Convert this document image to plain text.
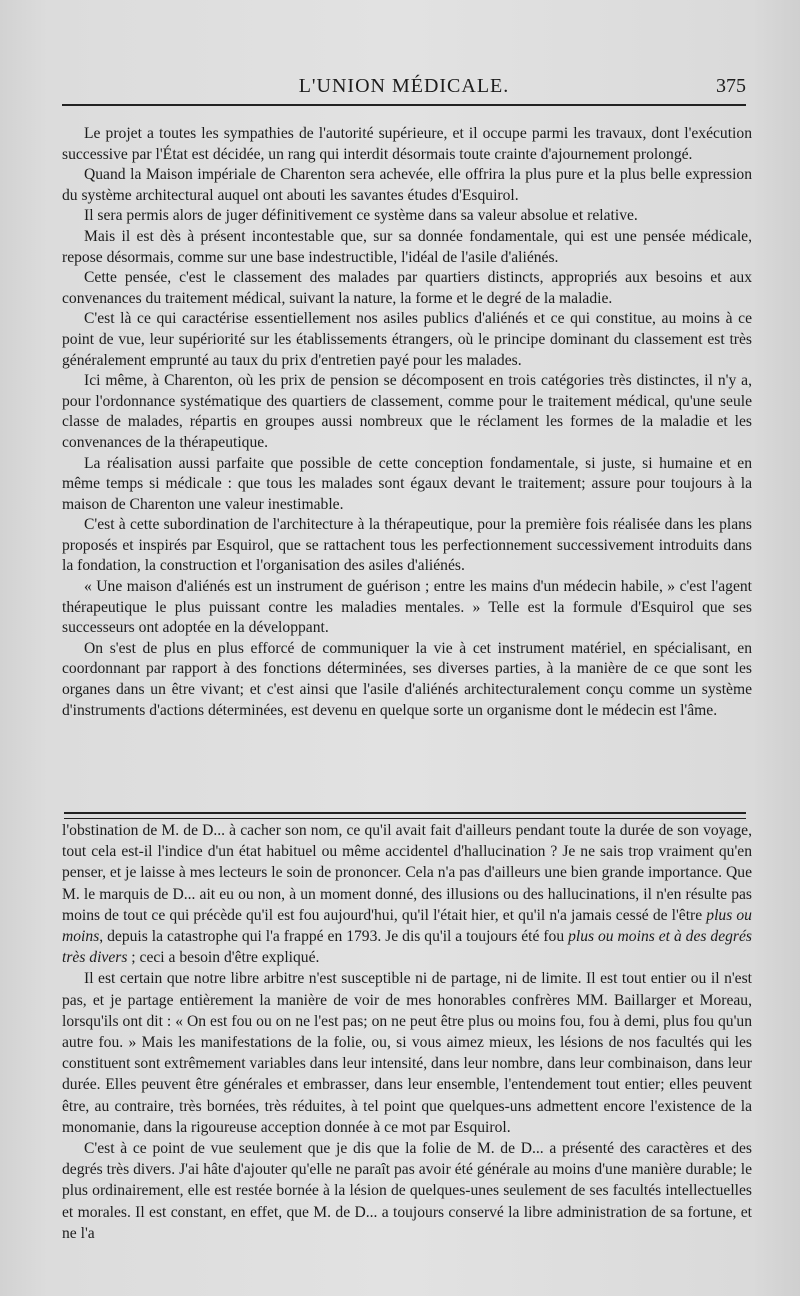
L'UNION MÉDICALE.	375

Le projet a toutes les sympathies de l'autorité supérieure, et il occupe parmi les travaux, dont l'exécution successive par l'État est décidée, un rang qui interdit désormais toute crainte d'ajournement prolongé.

Quand la Maison impériale de Charenton sera achevée, elle offrira la plus pure et la plus belle expression du système architectural auquel ont abouti les savantes études d'Esquirol.

Il sera permis alors de juger définitivement ce système dans sa valeur absolue et relative.

Mais il est dès à présent incontestable que, sur sa donnée fondamentale, qui est une pensée médicale, repose désormais, comme sur une base indestructible, l'idéal de l'asile d'aliénés.

Cette pensée, c'est le classement des malades par quartiers distincts, appropriés aux besoins et aux convenances du traitement médical, suivant la nature, la forme et le degré de la maladie.

C'est là ce qui caractérise essentiellement nos asiles publics d'aliénés et ce qui constitue, au moins à ce point de vue, leur supériorité sur les établissements étrangers, où le principe dominant du classement est très généralement emprunté au taux du prix d'entretien payé pour les malades.

Ici même, à Charenton, où les prix de pension se décomposent en trois catégories très distinctes, il n'y a, pour l'ordonnance systématique des quartiers de classement, comme pour le traitement médical, qu'une seule classe de malades, répartis en groupes aussi nombreux que le réclament les formes de la maladie et les convenances de la thérapeutique.

La réalisation aussi parfaite que possible de cette conception fondamentale, si juste, si humaine et en même temps si médicale : que tous les malades sont égaux devant le traitement; assure pour toujours à la maison de Charenton une valeur inestimable.

C'est à cette subordination de l'architecture à la thérapeutique, pour la première fois réalisée dans les plans proposés et inspirés par Esquirol, que se rattachent tous les perfectionnement successivement introduits dans la fondation, la construction et l'organisation des asiles d'aliénés.

« Une maison d'aliénés est un instrument de guérison ; entre les mains d'un médecin habile, » c'est l'agent thérapeutique le plus puissant contre les maladies mentales. » Telle est la formule d'Esquirol que ses successeurs ont adoptée en la développant.

On s'est de plus en plus efforcé de communiquer la vie à cet instrument matériel, en spécialisant, en coordonnant par rapport à des fonctions déterminées, ses diverses parties, à la manière de ce que sont les organes dans un être vivant; et c'est ainsi que l'asile d'aliénés architecturalement conçu comme un système d'instruments d'actions déterminées, est devenu en quelque sorte un organisme dont le médecin est l'âme.

l'obstination de M. de D... à cacher son nom, ce qu'il avait fait d'ailleurs pendant toute la durée de son voyage, tout cela est-il l'indice d'un état habituel ou même accidentel d'hallucination ? Je ne sais trop vraiment qu'en penser, et je laisse à mes lecteurs le soin de prononcer. Cela n'a pas d'ailleurs une bien grande importance. Que M. le marquis de D... ait eu ou non, à un moment donné, des illusions ou des hallucinations, il n'en résulte pas moins de tout ce qui précède qu'il est fou aujourd'hui, qu'il l'était hier, et qu'il n'a jamais cessé de l'être plus ou moins, depuis la catastrophe qui l'a frappé en 1793. Je dis qu'il a toujours été fou plus ou moins et à des degrés très divers ; ceci a besoin d'être expliqué.

Il est certain que notre libre arbitre n'est susceptible ni de partage, ni de limite. Il est tout entier ou il n'est pas, et je partage entièrement la manière de voir de mes honorables confrères MM. Baillarger et Moreau, lorsqu'ils ont dit : « On est fou ou on ne l'est pas; on ne peut être plus ou moins fou, fou à demi, plus fou qu'un autre fou. » Mais les manifestations de la folie, ou, si vous aimez mieux, les lésions de nos facultés qui les constituent sont extrêmement variables dans leur intensité, dans leur nombre, dans leur combinaison, dans leur durée. Elles peuvent être générales et embrasser, dans leur ensemble, l'entendement tout entier; elles peuvent être, au contraire, très bornées, très réduites, à tel point que quelques-uns admettent encore l'existence de la monomanie, dans la rigoureuse acception donnée à ce mot par Esquirol.

C'est à ce point de vue seulement que je dis que la folie de M. de D... a présenté des caractères et des degrés très divers. J'ai hâte d'ajouter qu'elle ne paraît pas avoir été générale au moins d'une manière durable; le plus ordinairement, elle est restée bornée à la lésion de quelques-unes seulement de ses facultés intellectuelles et morales. Il est constant, en effet, que M. de D... a toujours conservé la libre administration de sa fortune, et ne l'a
